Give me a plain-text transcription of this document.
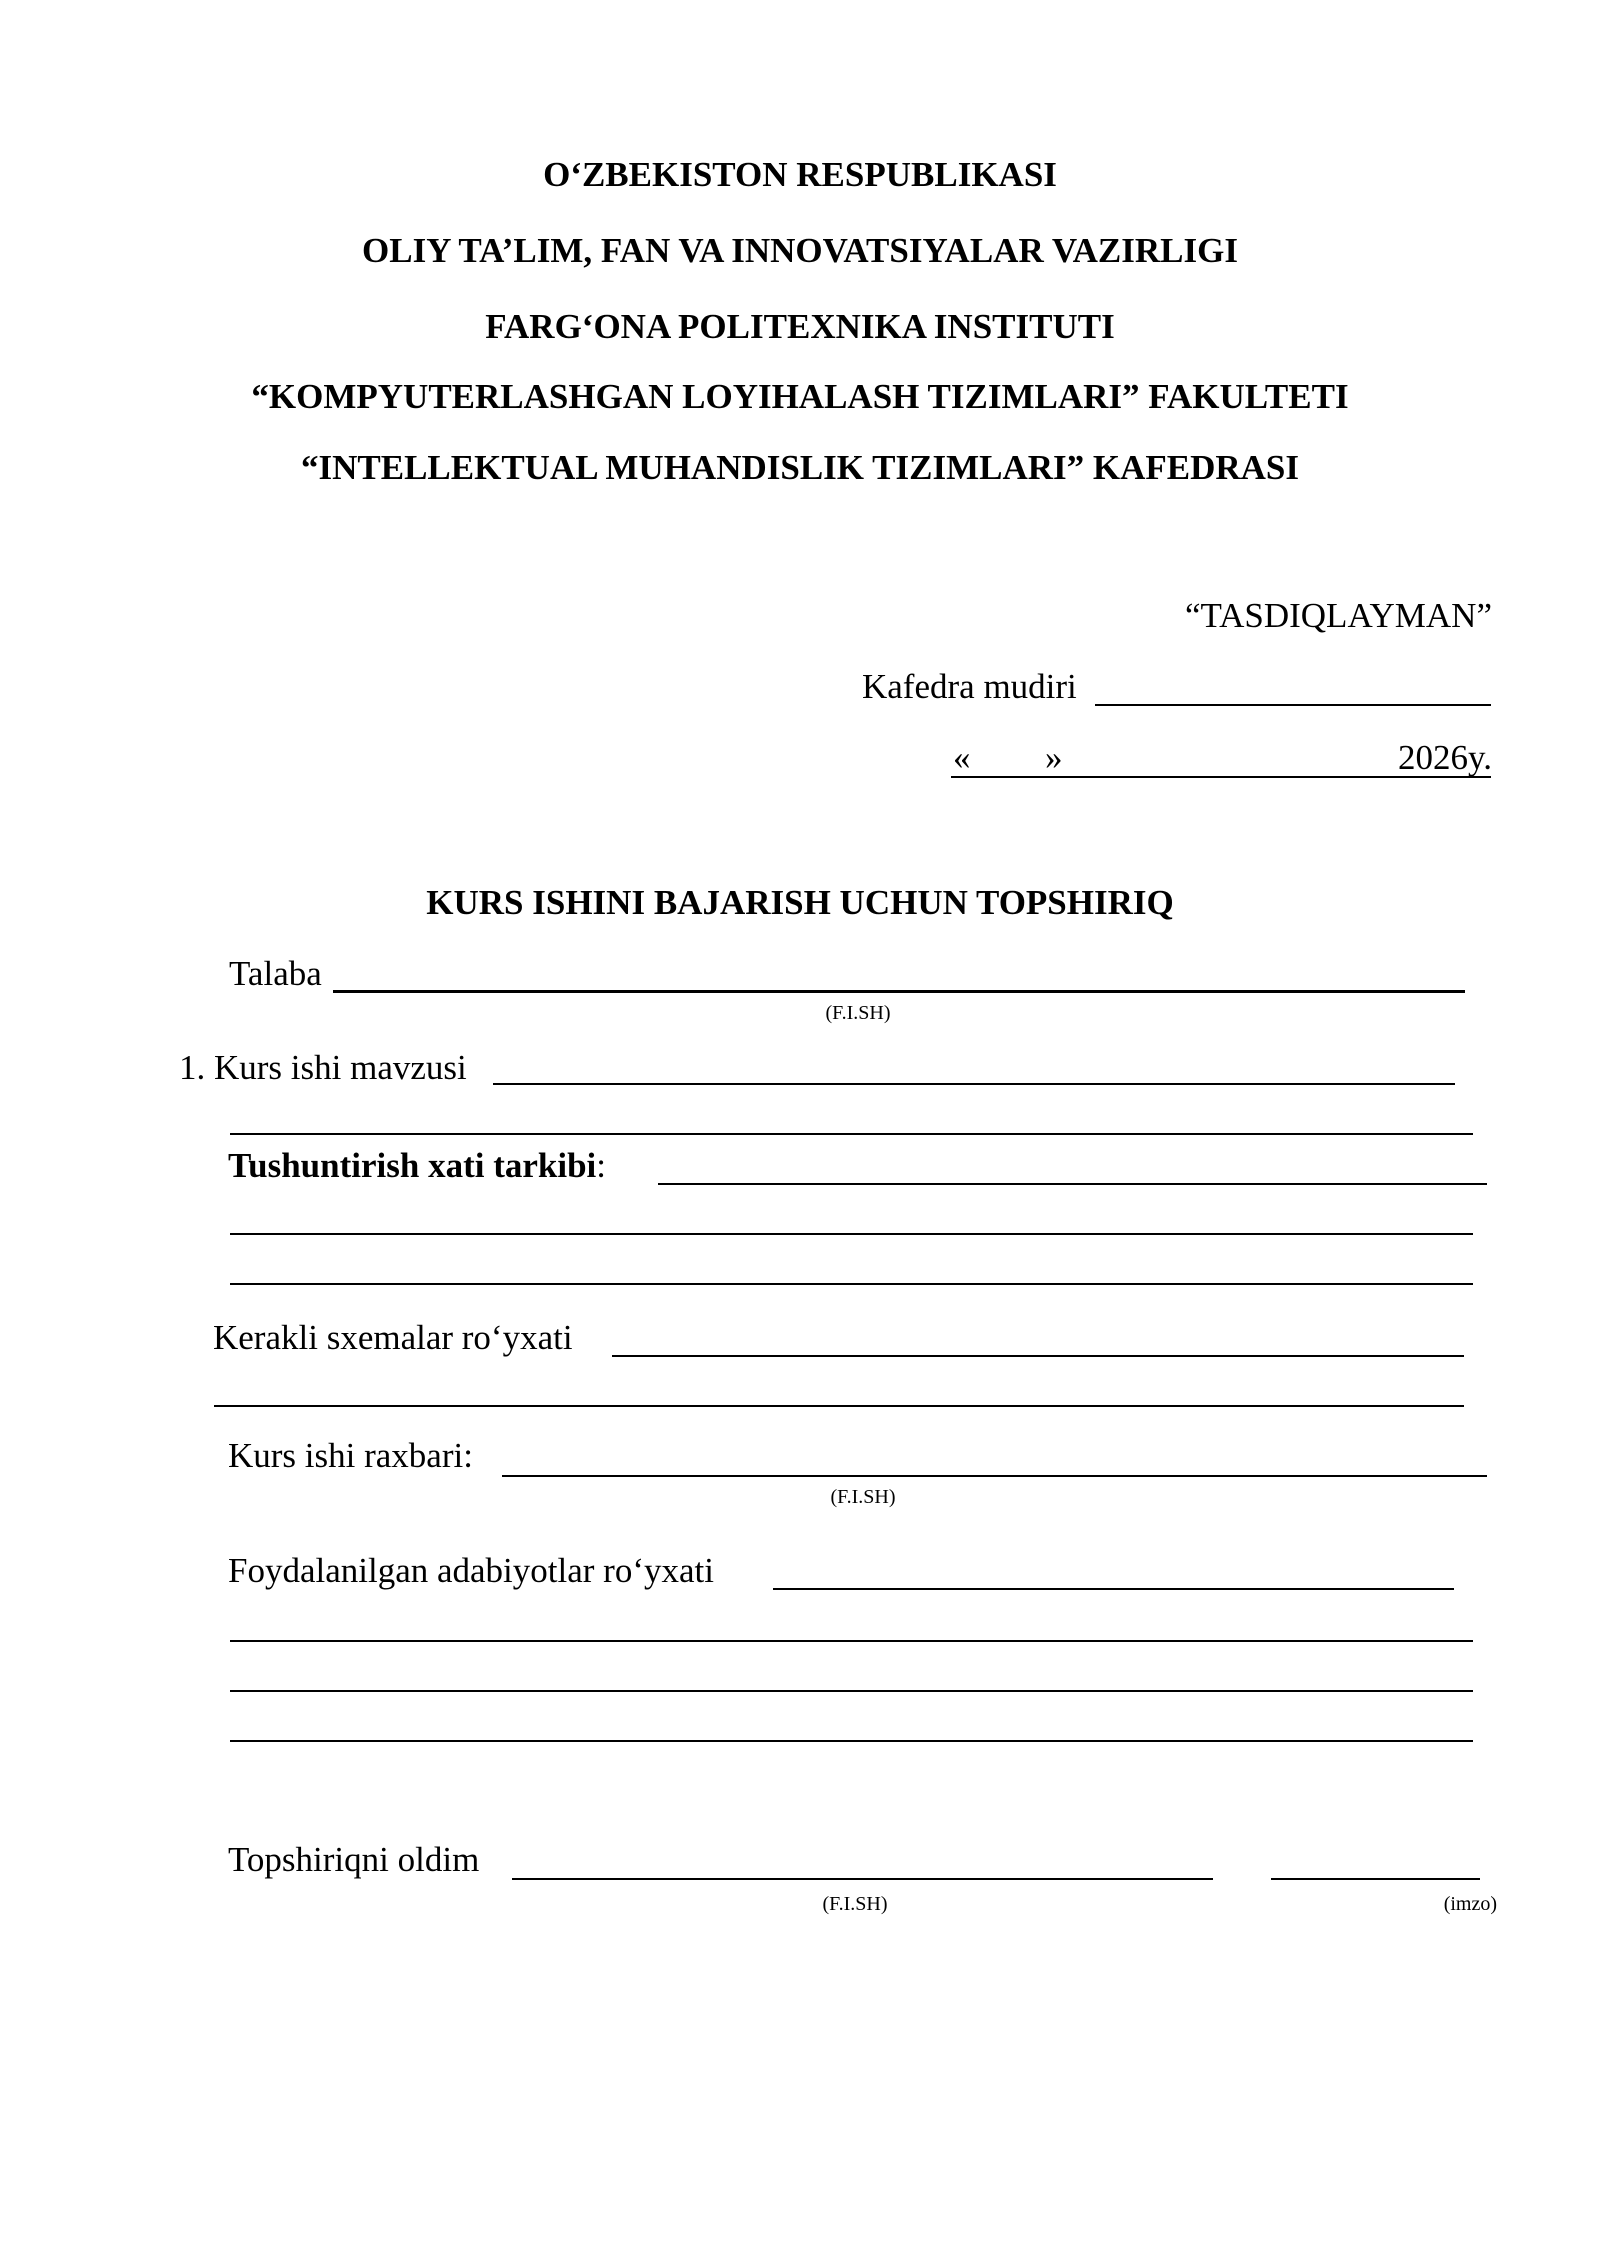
O‘ZBEKISTON RESPUBLIKASI
OLIY TA’LIM, FAN VA INNOVATSIYALAR VAZIRLIGI
FARG‘ONA POLITEXNIKA INSTITUTI
“KOMPYUTERLASHGAN LOYIHALASH TIZIMLARI” FAKULTETI
“INTELLEKTUAL MUHANDISLIK TIZIMLARI” KAFEDRASI
“TASDIQLAYMAN”
Kafedra mudiri
« »	2026y.
KURS ISHINI BAJARISH UCHUN TOPSHIRIQ
Talaba
(F.I.SH)
1. Kurs ishi mavzusi
Tushuntirish xati tarkibi:
Kerakli sxemalar ro‘yxati
Kurs ishi raxbari:
(F.I.SH)
Foydalanilgan adabiyotlar ro‘yxati
Topshiriqni oldim
(F.I.SH)	(imzo)
